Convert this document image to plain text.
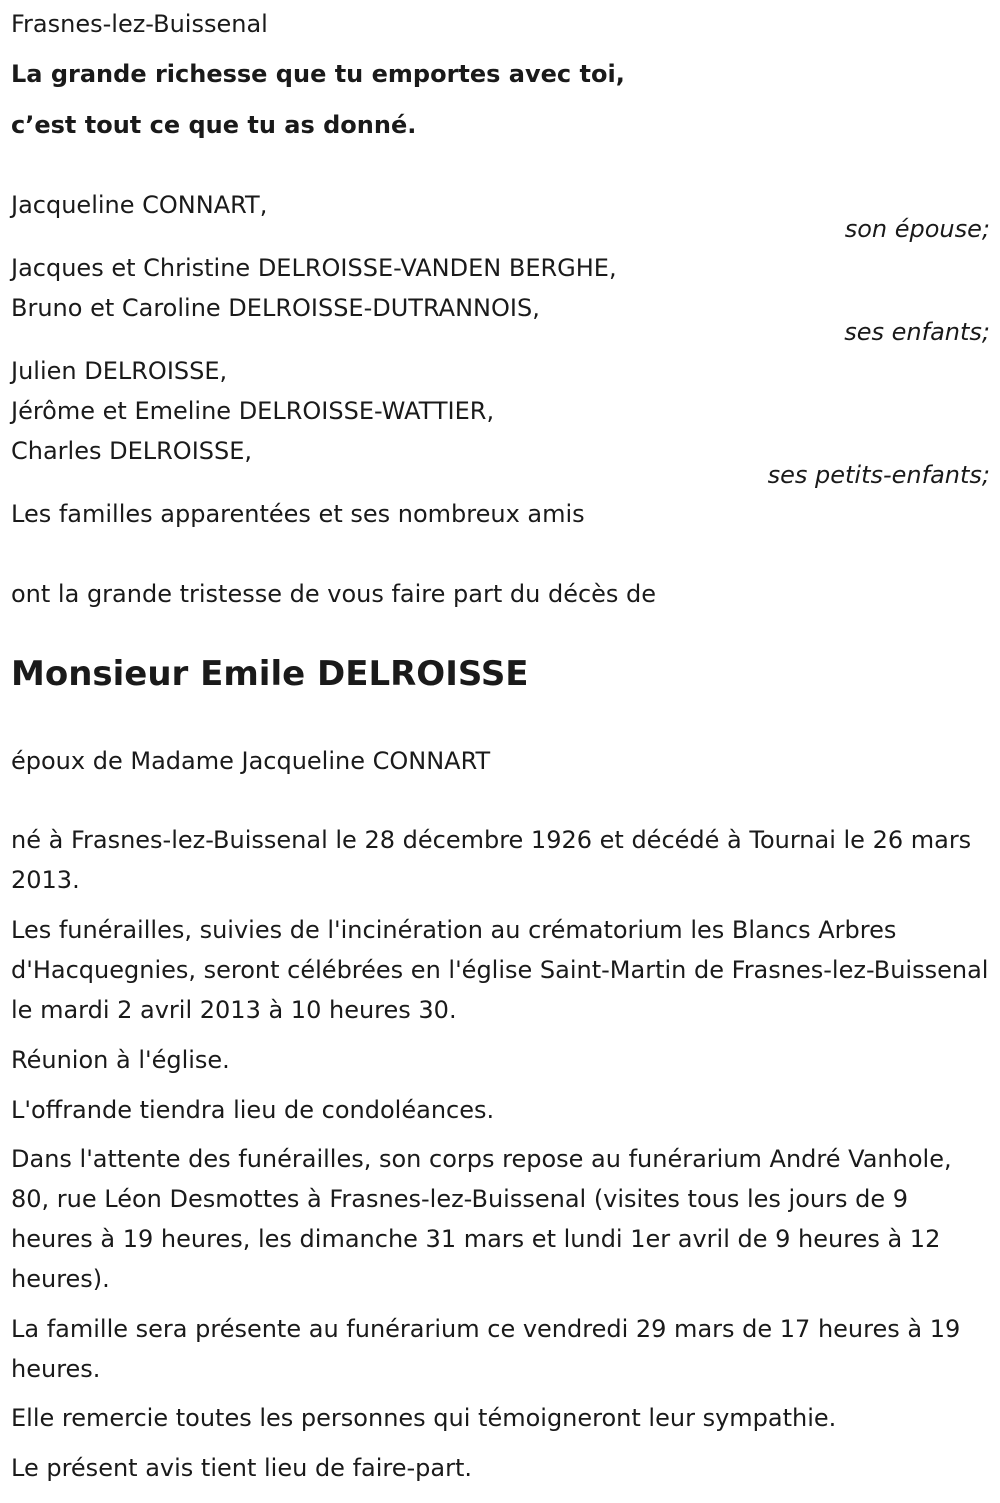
Frasnes-lez-Buissenal
La grande richesse que tu emportes avec toi,
c’est tout ce que tu as donné.
Jacqueline CONNART,
son épouse;
Jacques et Christine DELROISSE-VANDEN BERGHE,
Bruno et Caroline DELROISSE-DUTRANNOIS,
ses enfants;
Julien DELROISSE,
Jérôme et Emeline DELROISSE-WATTIER,
Charles DELROISSE,
ses petits-enfants;
Les familles apparentées et ses nombreux amis
ont la grande tristesse de vous faire part du décès de
Monsieur Emile DELROISSE
époux de Madame Jacqueline CONNART
né à Frasnes-lez-Buissenal le 28 décembre 1926 et décédé à Tournai le 26 mars 2013.
Les funérailles, suivies de l'incinération au crématorium les Blancs Arbres d'Hacquegnies, seront célébrées en l'église Saint-Martin de Frasnes-lez-Buissenal le mardi 2 avril 2013 à 10 heures 30.
Réunion à l'église.
L'offrande tiendra lieu de condoléances.
Dans l'attente des funérailles, son corps repose au funérarium André Vanhole, 80, rue Léon Desmottes à Frasnes-lez-Buissenal (visites tous les jours de 9 heures à 19 heures, les dimanche 31 mars et lundi 1er avril de 9 heures à 12 heures).
La famille sera présente au funérarium ce vendredi 29 mars de 17 heures à 19 heures.
Elle remercie toutes les personnes qui témoigneront leur sympathie.
Le présent avis tient lieu de faire-part.
